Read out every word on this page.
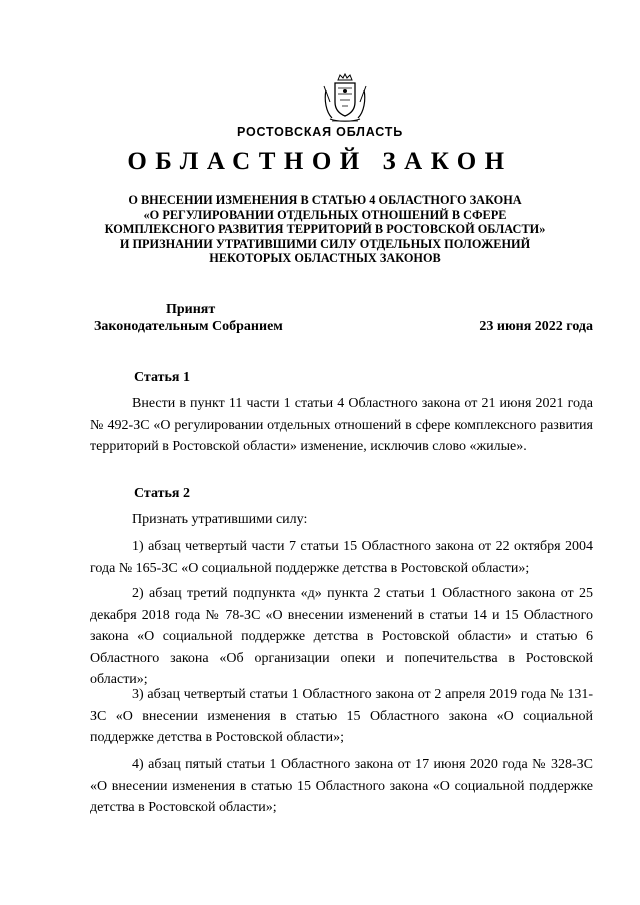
РОСТОВСКАЯ ОБЛАСТЬ
ОБЛАСТНОЙ ЗАКОН
О ВНЕСЕНИИ ИЗМЕНЕНИЯ В СТАТЬЮ 4 ОБЛАСТНОГО ЗАКОНА
«О РЕГУЛИРОВАНИИ ОТДЕЛЬНЫХ ОТНОШЕНИЙ В СФЕРЕ
КОМПЛЕКСНОГО РАЗВИТИЯ ТЕРРИТОРИЙ В РОСТОВСКОЙ ОБЛАСТИ»
И ПРИЗНАНИИ УТРАТИВШИМИ СИЛУ ОТДЕЛЬНЫХ ПОЛОЖЕНИЙ
НЕКОТОРЫХ ОБЛАСТНЫХ ЗАКОНОВ
Принят
Законодательным Собранием	23 июня 2022 года
Статья 1
Внести в пункт 11 части 1 статьи 4 Областного закона от 21 июня 2021 года № 492-ЗС «О регулировании отдельных отношений в сфере комплексного развития территорий в Ростовской области» изменение, исключив слово «жилые».
Статья 2
Признать утратившими силу:
1) абзац четвертый части 7 статьи 15 Областного закона от 22 октября 2004 года № 165-ЗС «О социальной поддержке детства в Ростовской области»;
2) абзац третий подпункта «д» пункта 2 статьи 1 Областного закона от 25 декабря 2018 года № 78-ЗС «О внесении изменений в статьи 14 и 15 Областного закона «О социальной поддержке детства в Ростовской области» и статью 6 Областного закона «Об организации опеки и попечительства в Ростовской области»;
3) абзац четвертый статьи 1 Областного закона от 2 апреля 2019 года № 131-ЗС «О внесении изменения в статью 15 Областного закона «О социальной поддержке детства в Ростовской области»;
4) абзац пятый статьи 1 Областного закона от 17 июня 2020 года № 328-ЗС «О внесении изменения в статью 15 Областного закона «О социальной поддержке детства в Ростовской области»;
